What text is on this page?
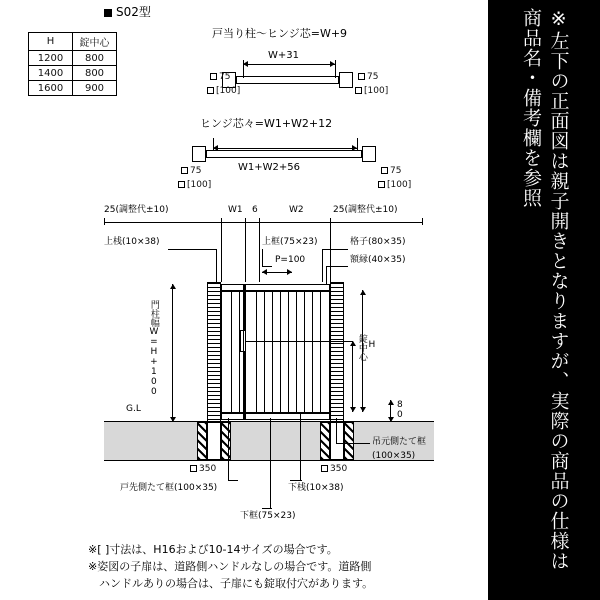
※左下の正面図は親子開きとなりますが、実際の商品の仕様は商品名・備考欄を参照
S02型
H	錠中心
1200	800
1400	800
1600	900
戸当り柱～ヒンジ芯=W+9
W+31
75
[100]
75
[100]
ヒンジ芯々=W1+W2+12
W1+W2+56
75
[100]
75
[100]
25(調整代±10)	W1 6	W2	25(調整代±10)
上桟(10×38)	上框(75×23)	格子(80×35)
額縁(40×35)
P=100
門柱幅W=H+100
G.L
350	350
H
錠中心
80
吊元側たて框
(100×35)
戸先側たて框(100×35)	下桟(10×38)
下框(75×23)
※[ ]寸法は、H16および10-14サイズの場合です。
※姿図の子扉は、道路側ハンドルなしの場合です。道路側
　ハンドルありの場合は、子扉にも錠取付穴があります。
